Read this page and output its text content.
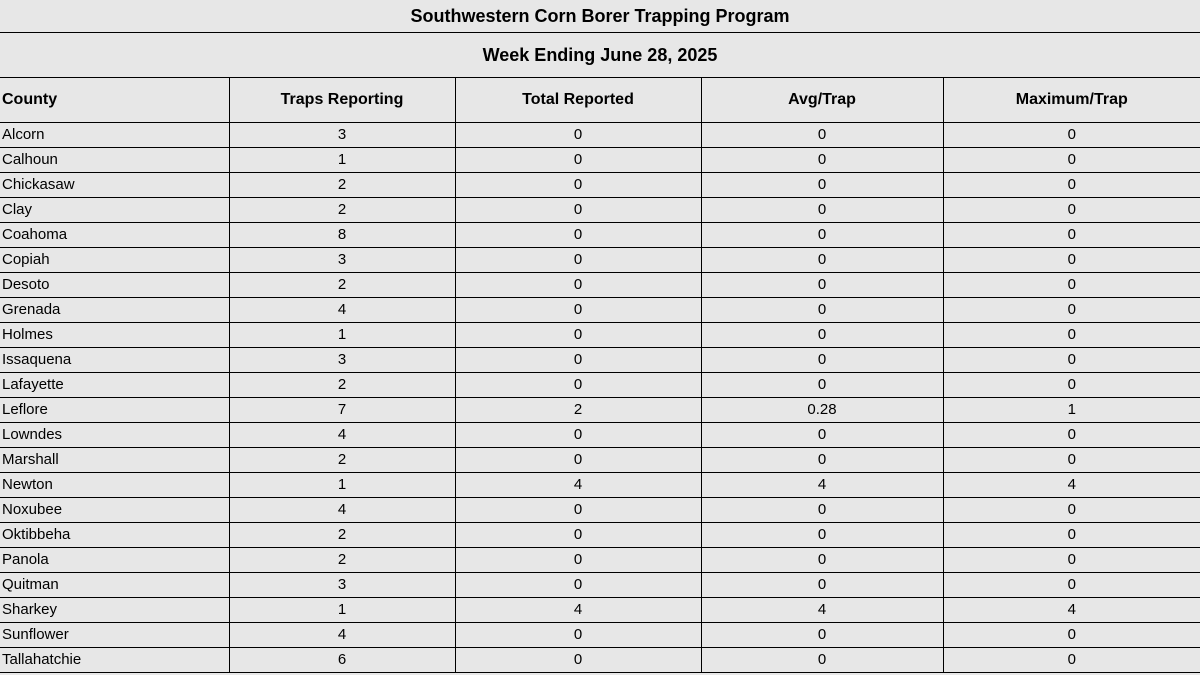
Southwestern Corn Borer Trapping Program
Week Ending June 28, 2025
County	Traps Reporting	Total Reported	Avg/Trap	Maximum/Trap
Alcorn	3	0	0	0
Calhoun	1	0	0	0
Chickasaw	2	0	0	0
Clay	2	0	0	0
Coahoma	8	0	0	0
Copiah	3	0	0	0
Desoto	2	0	0	0
Grenada	4	0	0	0
Holmes	1	0	0	0
Issaquena	3	0	0	0
Lafayette	2	0	0	0
Leflore	7	2	0.28	1
Lowndes	4	0	0	0
Marshall	2	0	0	0
Newton	1	4	4	4
Noxubee	4	0	0	0
Oktibbeha	2	0	0	0
Panola	2	0	0	0
Quitman	3	0	0	0
Sharkey	1	4	4	4
Sunflower	4	0	0	0
Tallahatchie	6	0	0	0
